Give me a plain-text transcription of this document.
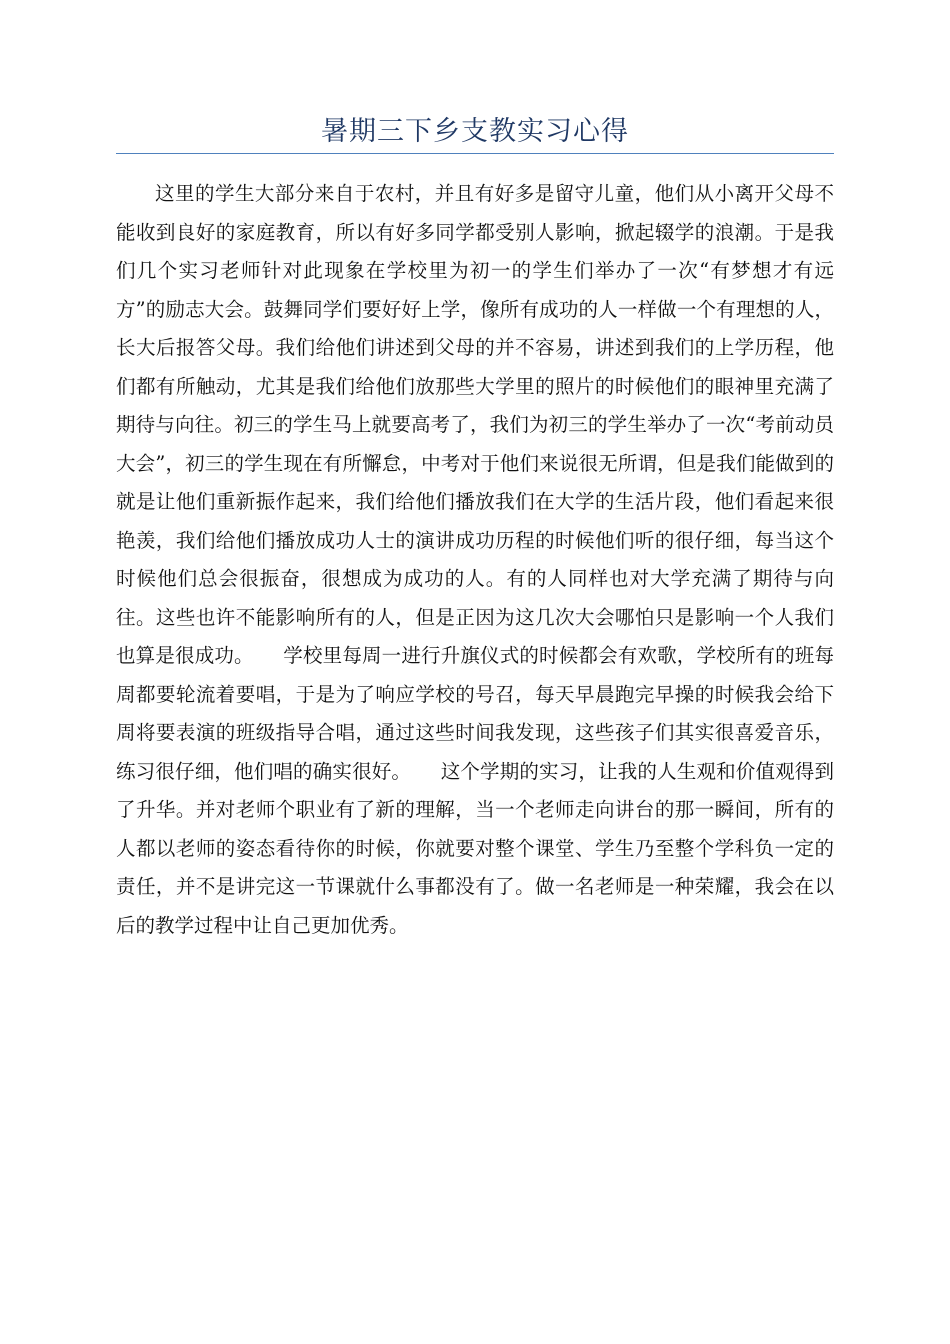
暑期三下乡支教实习心得

这里的学生大部分来自于农村，并且有好多是留守儿童，他们从小离开父母不能收到良好的家庭教育，所以有好多同学都受别人影响，掀起辍学的浪潮。于是我们几个实习老师针对此现象在学校里为初一的学生们举办了一次“有梦想才有远方”的励志大会。鼓舞同学们要好好上学，像所有成功的人一样做一个有理想的人，长大后报答父母。我们给他们讲述到父母的并不容易，讲述到我们的上学历程，他们都有所触动，尤其是我们给他们放那些大学里的照片的时候他们的眼神里充满了期待与向往。初三的学生马上就要高考了，我们为初三的学生举办了一次“考前动员大会”，初三的学生现在有所懈怠，中考对于他们来说很无所谓，但是我们能做到的就是让他们重新振作起来，我们给他们播放我们在大学的生活片段，他们看起来很艳羡，我们给他们播放成功人士的演讲成功历程的时候他们听的很仔细，每当这个时候他们总会很振奋，很想成为成功的人。有的人同样也对大学充满了期待与向往。这些也许不能影响所有的人，但是正因为这几次大会哪怕只是影响一个人我们也算是很成功。　　学校里每周一进行升旗仪式的时候都会有欢歌，学校所有的班每周都要轮流着要唱，于是为了响应学校的号召，每天早晨跑完早操的时候我会给下周将要表演的班级指导合唱，通过这些时间我发现，这些孩子们其实很喜爱音乐，练习很仔细，他们唱的确实很好。　　这个学期的实习，让我的人生观和价值观得到了升华。并对老师个职业有了新的理解，当一个老师走向讲台的那一瞬间，所有的人都以老师的姿态看待你的时候，你就要对整个课堂、学生乃至整个学科负一定的责任，并不是讲完这一节课就什么事都没有了。做一名老师是一种荣耀，我会在以后的教学过程中让自己更加优秀。
